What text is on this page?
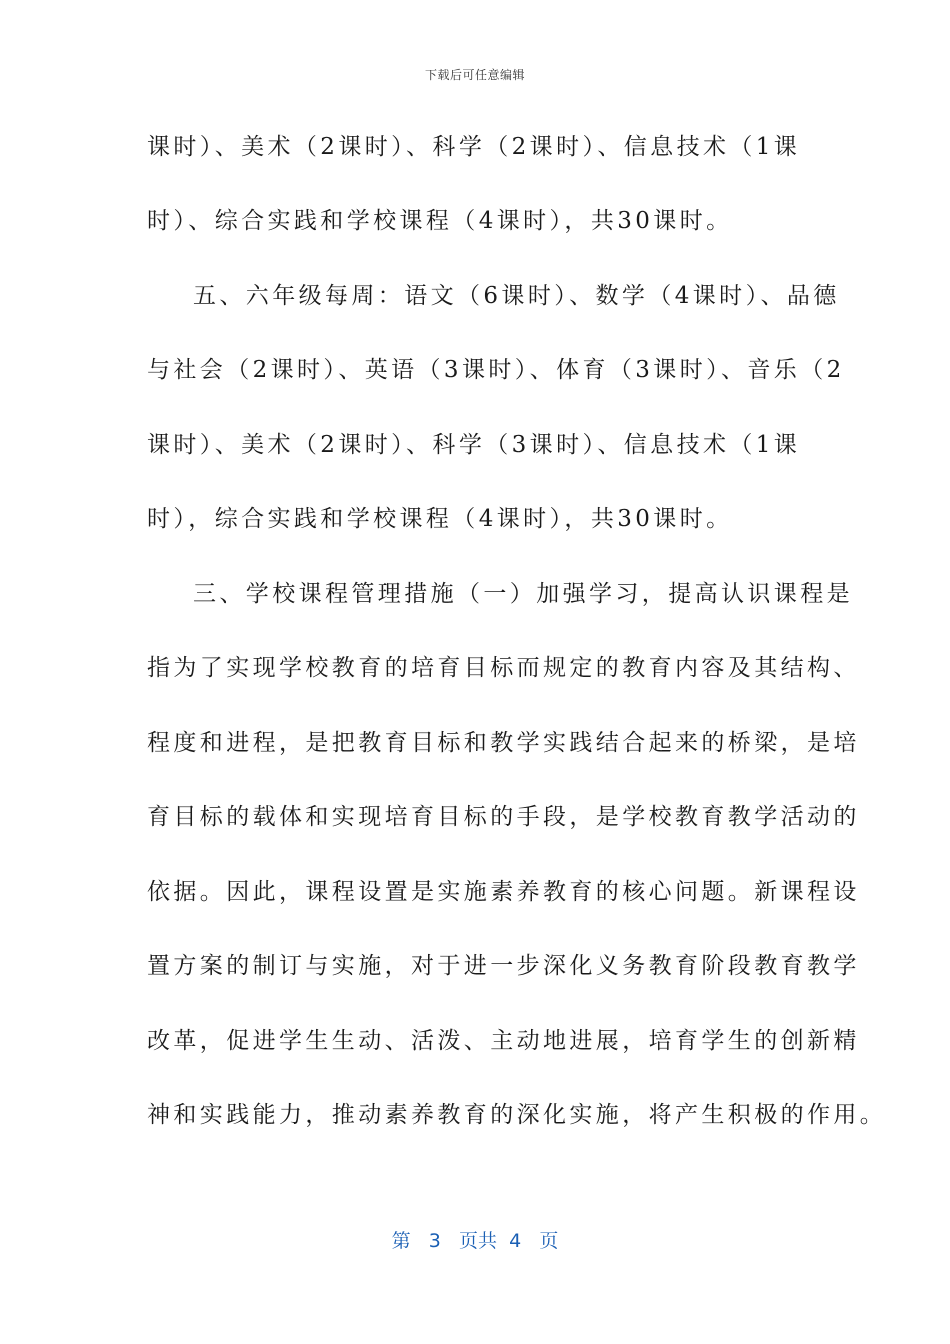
下载后可任意编辑
课时）、美术（2课时）、科学（2课时）、信息技术（1课
时）、综合实践和学校课程（4课时），共30课时。
五、六年级每周：语文（6课时）、数学（4课时）、品德
与社会（2课时）、英语（3课时）、体育（3课时）、音乐（2
课时）、美术（2课时）、科学（3课时）、信息技术（1课
时），综合实践和学校课程（4课时），共30课时。
三、学校课程管理措施（一）加强学习，提高认识课程是
指为了实现学校教育的培育目标而规定的教育内容及其结构、
程度和进程，是把教育目标和教学实践结合起来的桥梁，是培
育目标的载体和实现培育目标的手段，是学校教育教学活动的
依据。因此，课程设置是实施素养教育的核心问题。新课程设
置方案的制订与实施，对于进一步深化义务教育阶段教育教学
改革，促进学生生动、活泼、主动地进展，培育学生的创新精
神和实践能力，推动素养教育的深化实施，将产生积极的作用。
第 3 页共 4 页
